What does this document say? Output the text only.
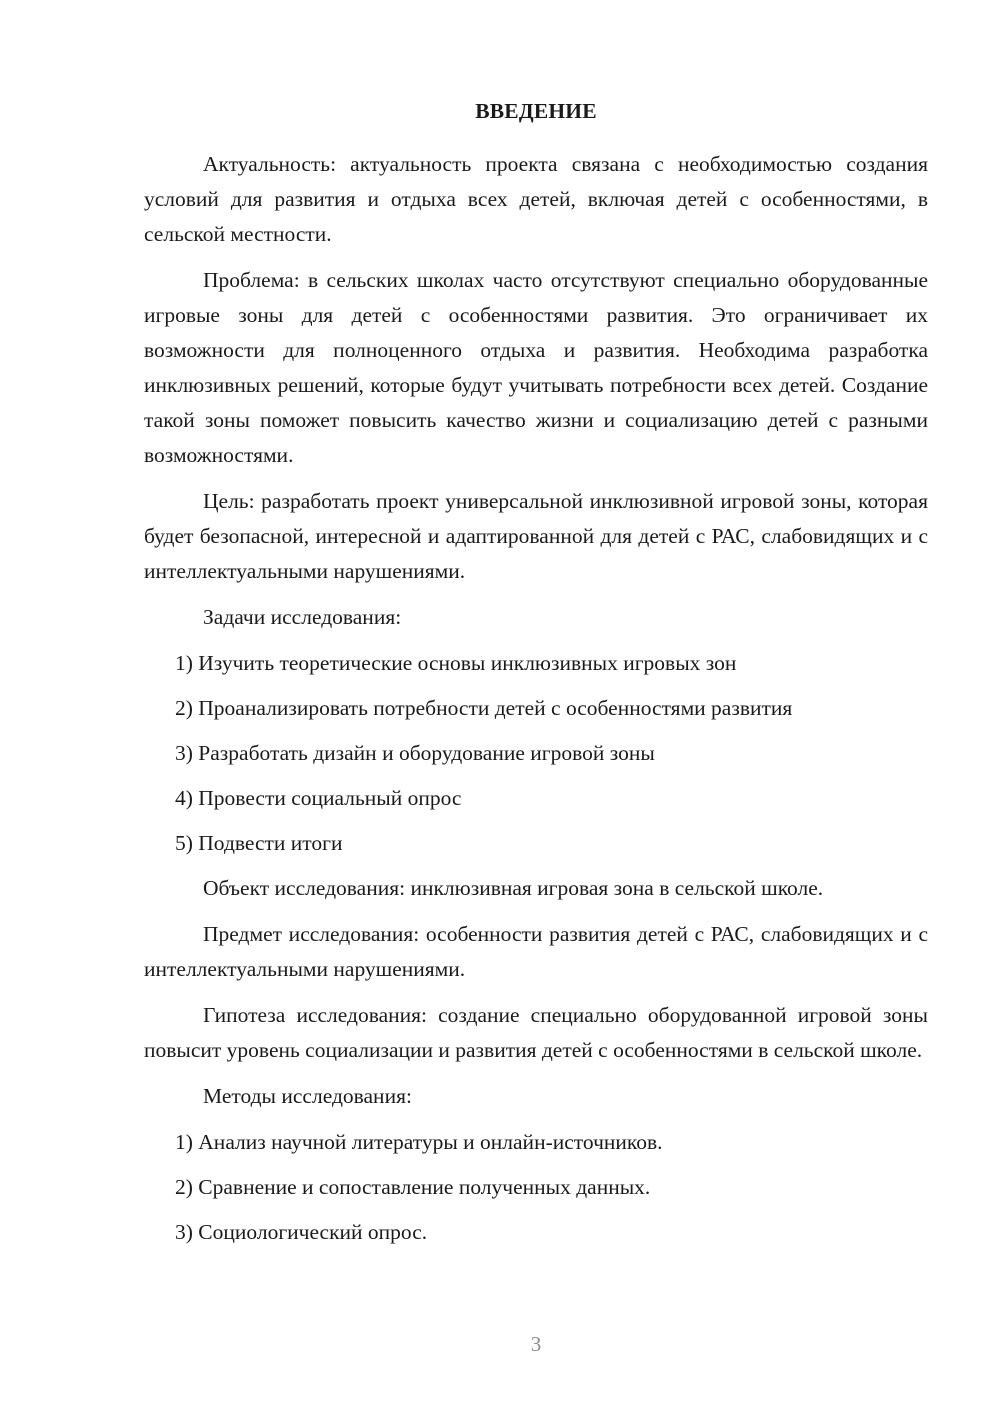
ВВЕДЕНИЕ

Актуальность: актуальность проекта связана с необходимостью создания условий для развития и отдыха всех детей, включая детей с особенностями, в сельской местности.

Проблема: в сельских школах часто отсутствуют специально оборудованные игровые зоны для детей с особенностями развития. Это ограничивает их возможности для полноценного отдыха и развития. Необходима разработка инклюзивных решений, которые будут учитывать потребности всех детей. Создание такой зоны поможет повысить качество жизни и социализацию детей с разными возможностями.

Цель: разработать проект универсальной инклюзивной игровой зоны, которая будет безопасной, интересной и адаптированной для детей с РАС, слабовидящих и с интеллектуальными нарушениями.

Задачи исследования:

1) Изучить теоретические основы инклюзивных игровых зон
2) Проанализировать потребности детей с особенностями развития
3) Разработать дизайн и оборудование игровой зоны
4) Провести социальный опрос
5) Подвести итоги

Объект исследования: инклюзивная игровая зона в сельской школе.

Предмет исследования: особенности развития детей с РАС, слабовидящих и с интеллектуальными нарушениями.

Гипотеза исследования: создание специально оборудованной игровой зоны повысит уровень социализации и развития детей с особенностями в сельской школе.

Методы исследования:

1) Анализ научной литературы и онлайн-источников.
2) Сравнение и сопоставление полученных данных.
3) Социологический опрос.
3
